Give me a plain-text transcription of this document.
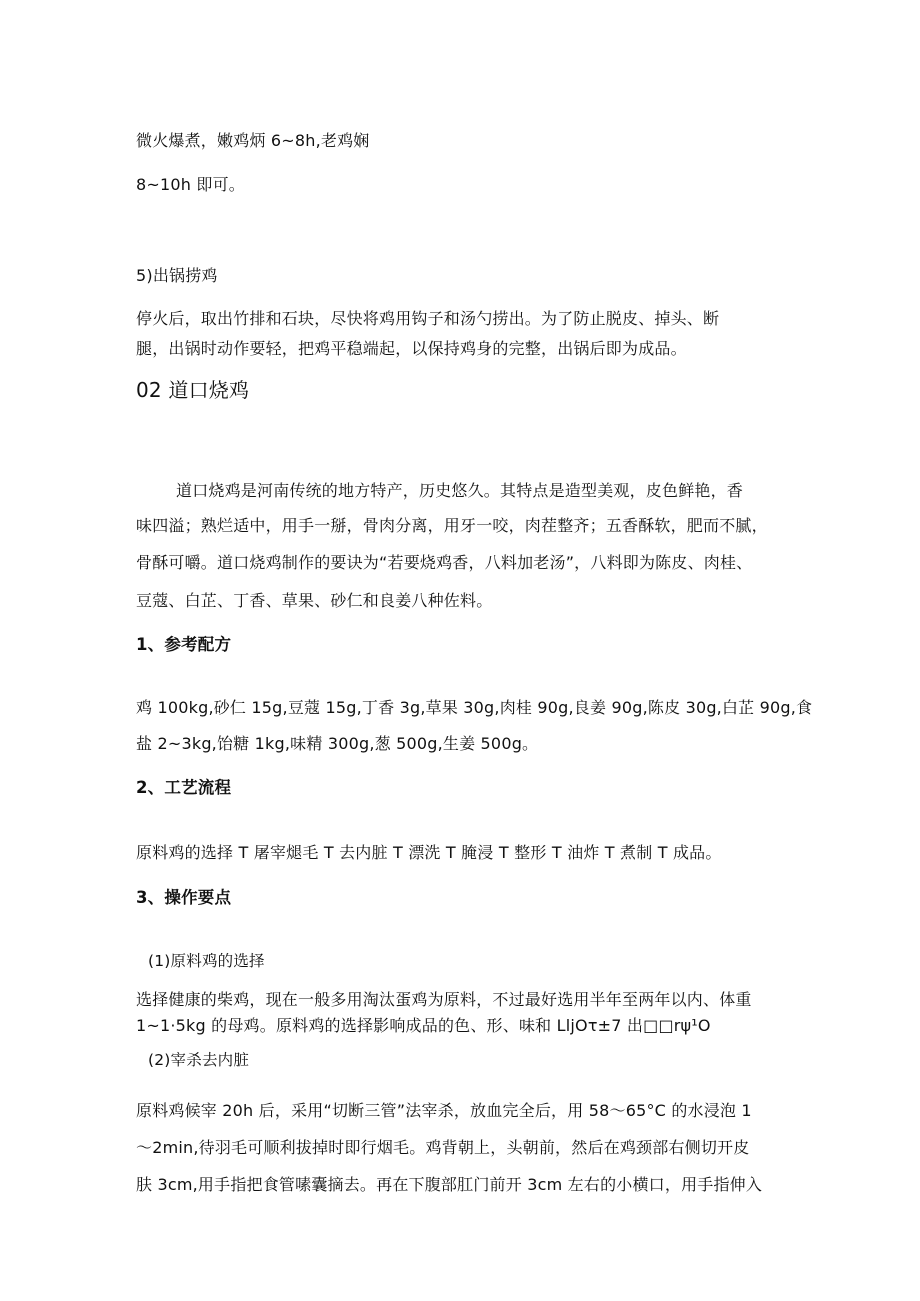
微火爆煮，嫩鸡炳 6~8h,老鸡娴
8~10h 即可。
5)出锅捞鸡
停火后，取出竹排和石块，尽快将鸡用钩子和汤勺捞出。为了防止脱皮、掉头、断
腿，出锅时动作要轻，把鸡平稳端起，以保持鸡身的完整，出锅后即为成品。
02 道口烧鸡
道口烧鸡是河南传统的地方特产，历史悠久。其特点是造型美观，皮色鲜艳，香
味四溢；熟烂适中，用手一掰，骨肉分离，用牙一咬，肉茬整齐；五香酥软，肥而不腻，
骨酥可嚼。道口烧鸡制作的要诀为“若要烧鸡香，八料加老汤”，八料即为陈皮、肉桂、
豆蔻、白芷、丁香、草果、砂仁和良姜八种佐料。
1、参考配方
鸡 100kg,砂仁 15g,豆蔻 15g,丁香 3g,草果 30g,肉桂 90g,良姜 90g,陈皮 30g,白芷 90g,食
盐 2~3kg,饴糖 1kg,味精 300g,葱 500g,生姜 500g。
2、工艺流程
原料鸡的选择 T 屠宰煺毛 T 去内脏 T 漂洗 T 腌浸 T 整形 T 油炸 T 煮制 T 成品。
3、操作要点
(1)原料鸡的选择
选择健康的柴鸡，现在一般多用淘汰蛋鸡为原料，不过最好选用半年至两年以内、体重
1~1·5kg 的母鸡。原料鸡的选择影响成品的色、形、味和 LljOτ±7 出□□rψ¹O
(2)宰杀去内脏
原料鸡候宰 20h 后，采用“切断三管”法宰杀，放血完全后，用 58〜65°C 的水浸泡 1
〜2min,待羽毛可顺利拔掉时即行烟毛。鸡背朝上，头朝前，然后在鸡颈部右侧切开皮
肤 3cm,用手指把食管嗉囊摘去。再在下腹部肛门前开 3cm 左右的小横口，用手指伸入
